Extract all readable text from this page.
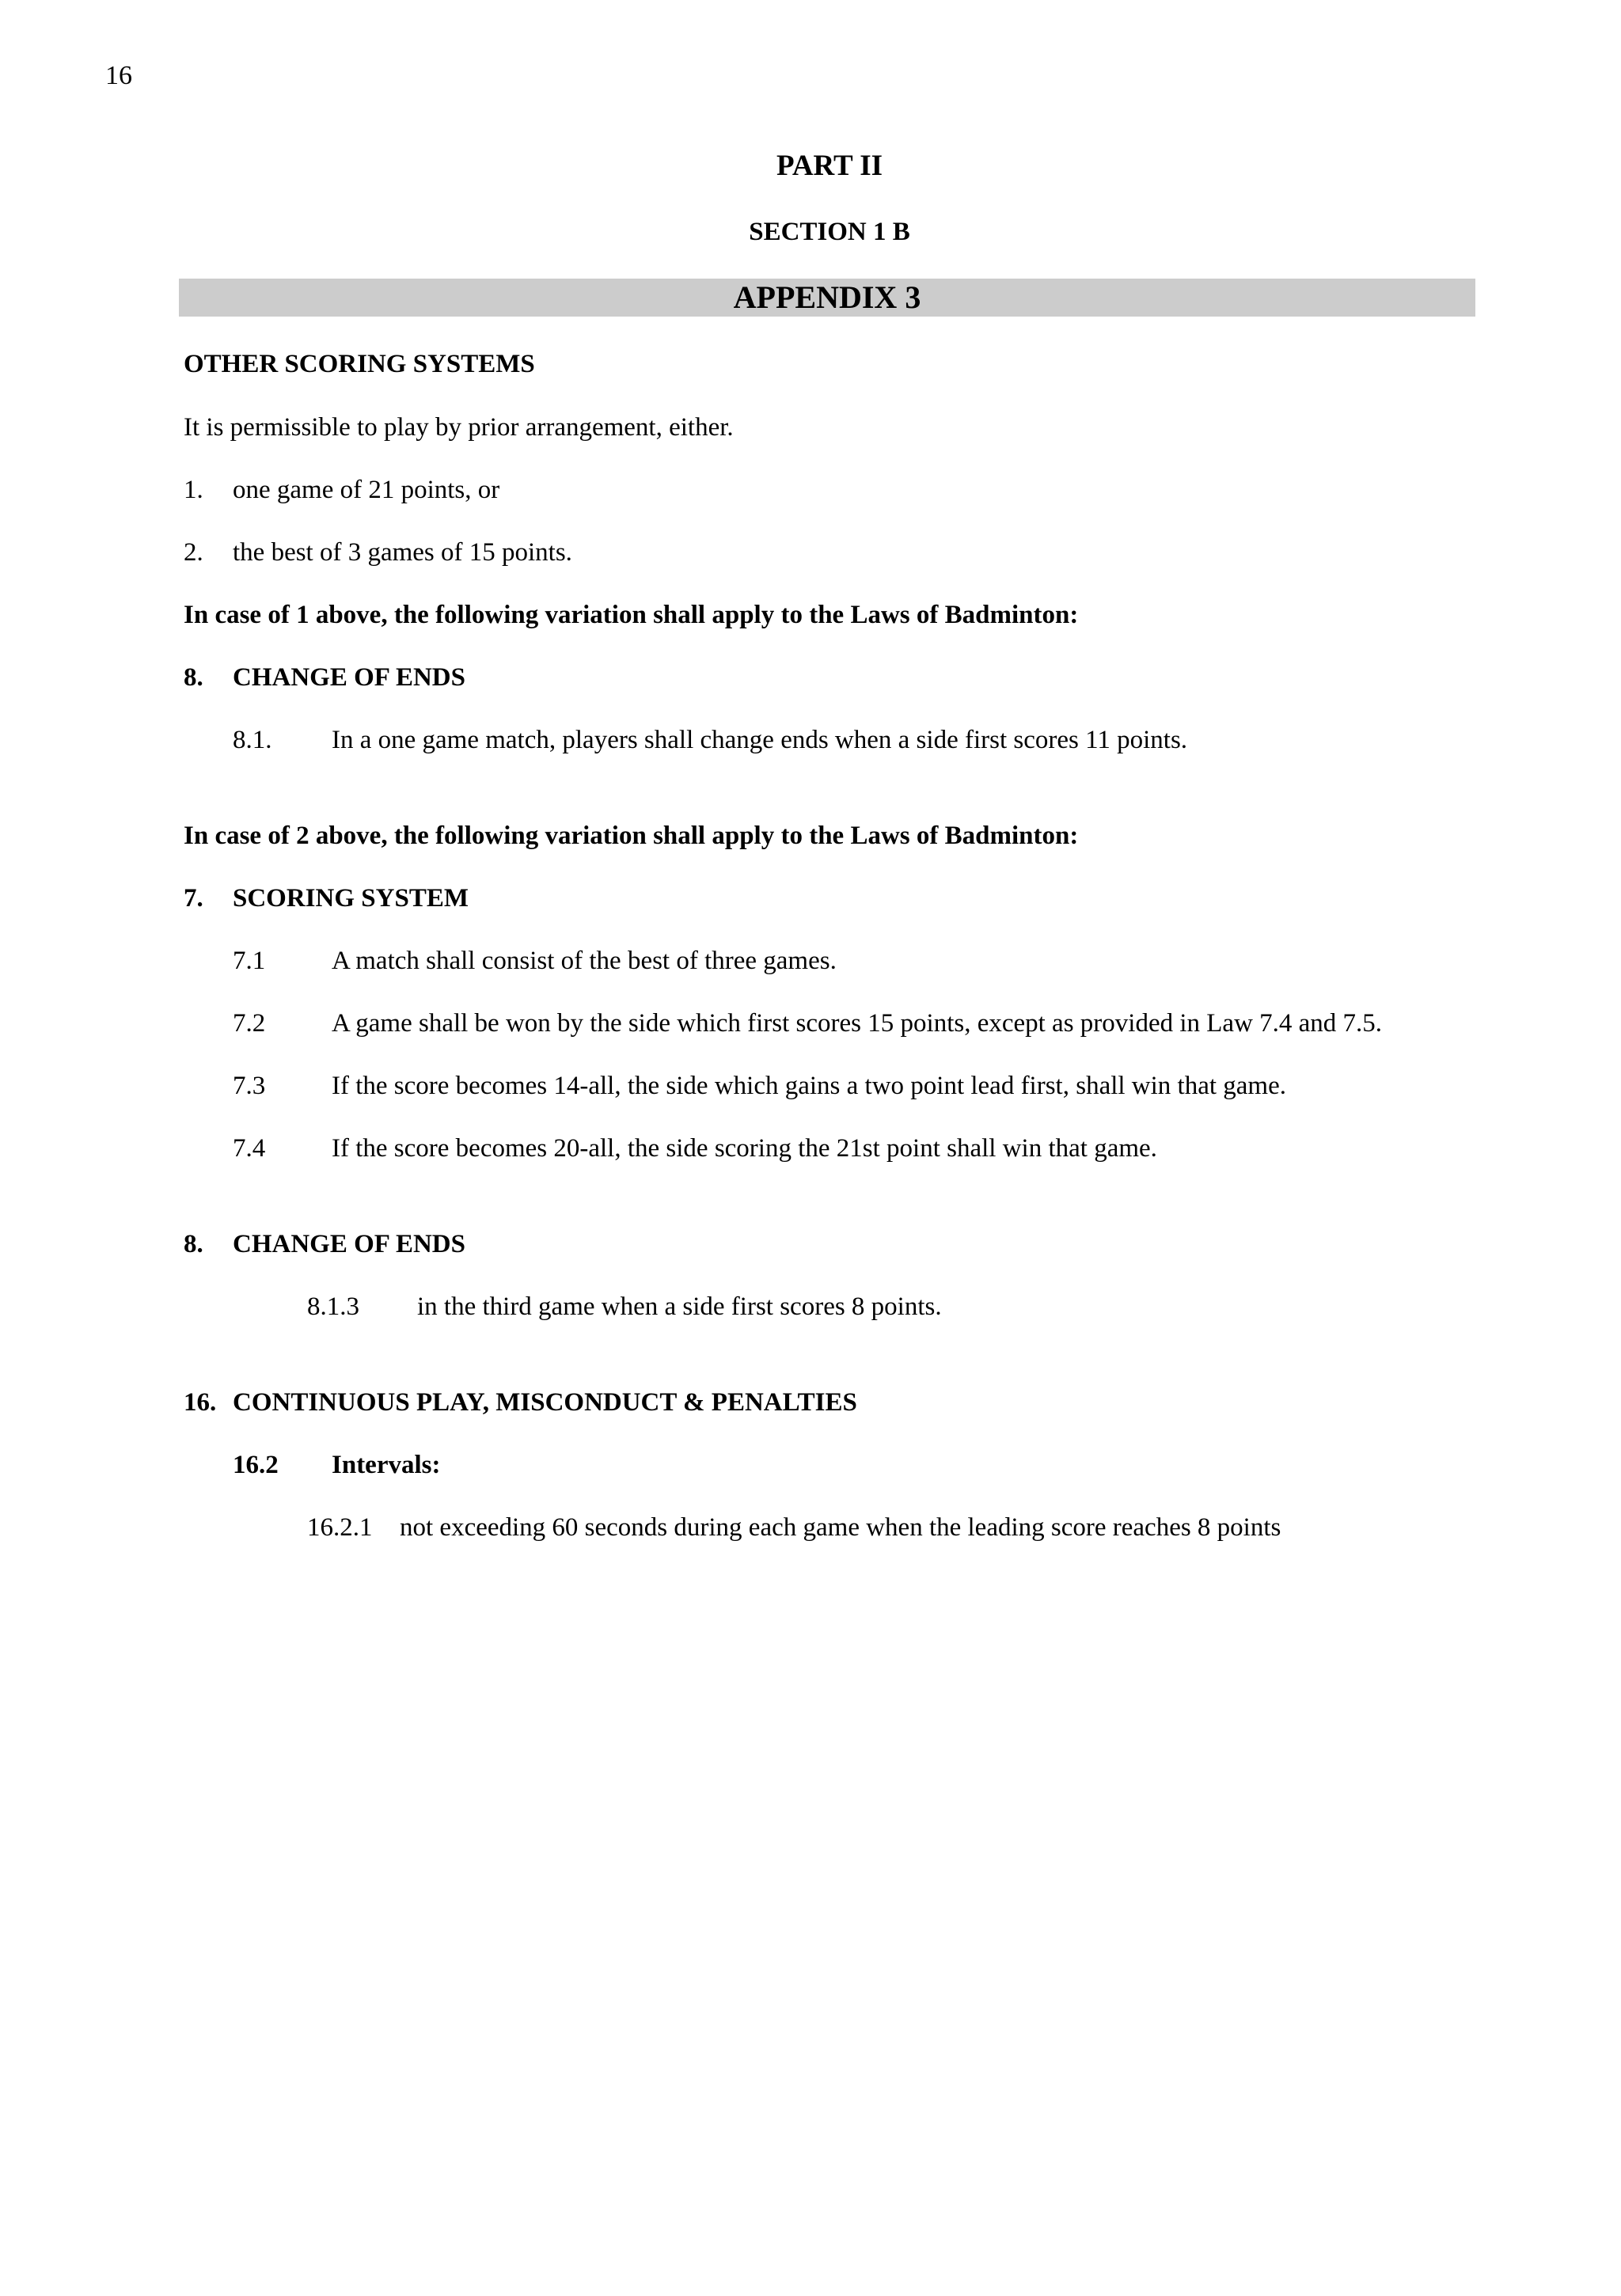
16
PART II
SECTION 1 B
APPENDIX 3
OTHER SCORING SYSTEMS
It is permissible to play by prior arrangement, either.
1. one game of 21 points, or
2. the best of 3 games of 15 points.
In case of 1 above, the following variation shall apply to the Laws of Badminton:
8. CHANGE OF ENDS
8.1. In a one game match, players shall change ends when a side first scores 11 points.
In case of 2 above, the following variation shall apply to the Laws of Badminton:
7. SCORING SYSTEM
7.1	A match shall consist of the best of three games.
7.2	A game shall be won by the side which first scores 15 points, except as provided in Law 7.4 and 7.5.
7.3	If the score becomes 14-all, the side which gains a two point lead first, shall win that game.
7.4	If the score becomes 20-all, the side scoring the 21st point shall win that game.
8. CHANGE OF ENDS
8.1.3 in the third game when a side first scores 8 points.
16. CONTINUOUS PLAY, MISCONDUCT & PENALTIES
16.2 Intervals:
16.2.1 not exceeding 60 seconds during each game when the leading score reaches 8 points
